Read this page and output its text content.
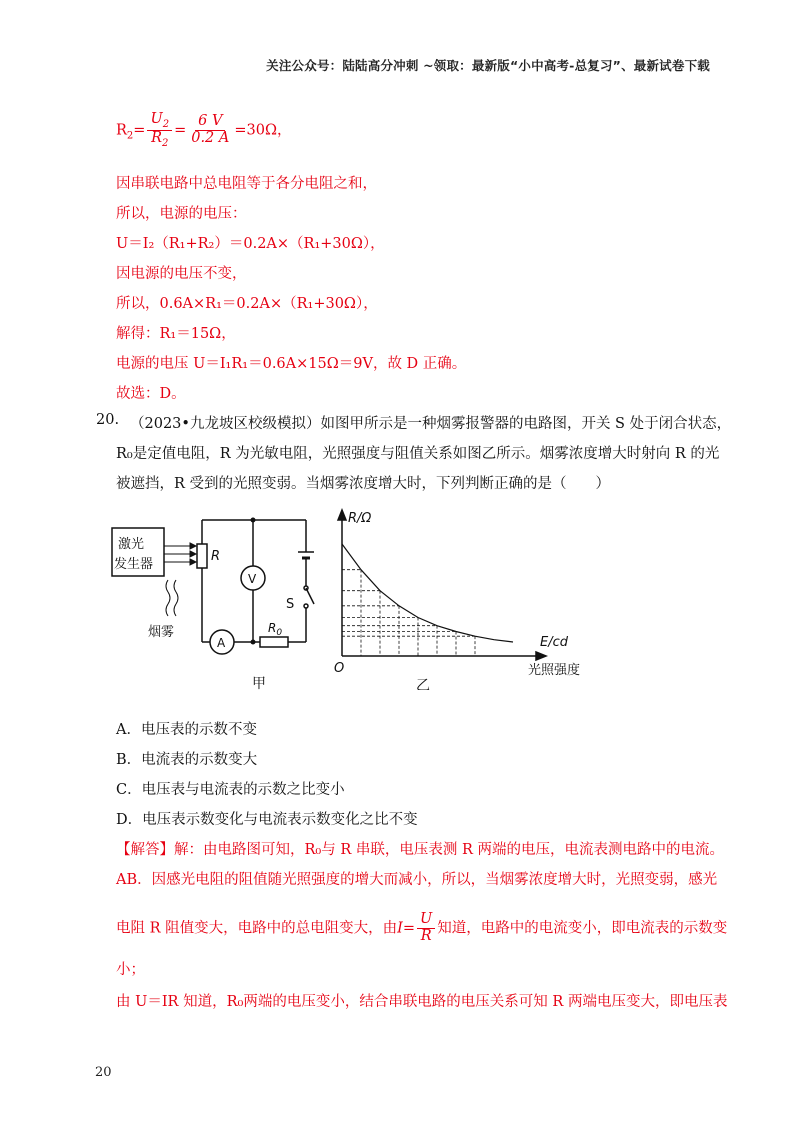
关注公众号：陆陆高分冲刺 ~领取：最新版“小中高考-总复习”、最新试卷下载
$R_2= \frac{U_2}{R_2} = \frac{6 V}{0.2 A} =30\Omega$，
因串联电路中总电阻等于各分电阻之和，
所以，电源的电压：
U＝I₂（R₁+R₂）＝0.2A×（R₁+30Ω），
因电源的电压不变，
所以，0.6A×R₁＝0.2A×（R₁+30Ω），
解得：R₁＝15Ω，
电源的电压 U＝I₁R₁＝0.6A×15Ω＝9V，故 D 正确。
故选：D。
20. （2023•九龙坡区校级模拟）如图甲所示是一种烟雾报警器的电路图，开关 S 处于闭合状态，
R₀是定值电阻，R 为光敏电阻，光照强度与阻值关系如图乙所示。烟雾浓度增大时射向 R 的光
被遮挡，R 受到的光照变弱。当烟雾浓度增大时，下列判断正确的是（　　）
激光
发生器
烟雾
R
V
A
$R_0$
S
甲
R/Ω
E/cd
光照强度
O
乙
A．电压表的示数不变
B．电流表的示数变大
C．电压表与电流表的示数之比变小
D．电压表示数变化与电流表示数变化之比不变
【解答】解：由电路图可知，R₀与 R 串联，电压表测 R 两端的电压，电流表测电路中的电流。
AB．因感光电阻的阻值随光照强度的增大而减小，所以，当烟雾浓度增大时，光照变弱，感光
电阻 R 阻值变大，电路中的总电阻变大，由$I= \frac{U}{R}$ 知道，电路中的电流变小，即电流表的示数变
小；
由 U＝IR 知道，R₀两端的电压变小，结合串联电路的电压关系可知 R 两端电压变大，即电压表
20
